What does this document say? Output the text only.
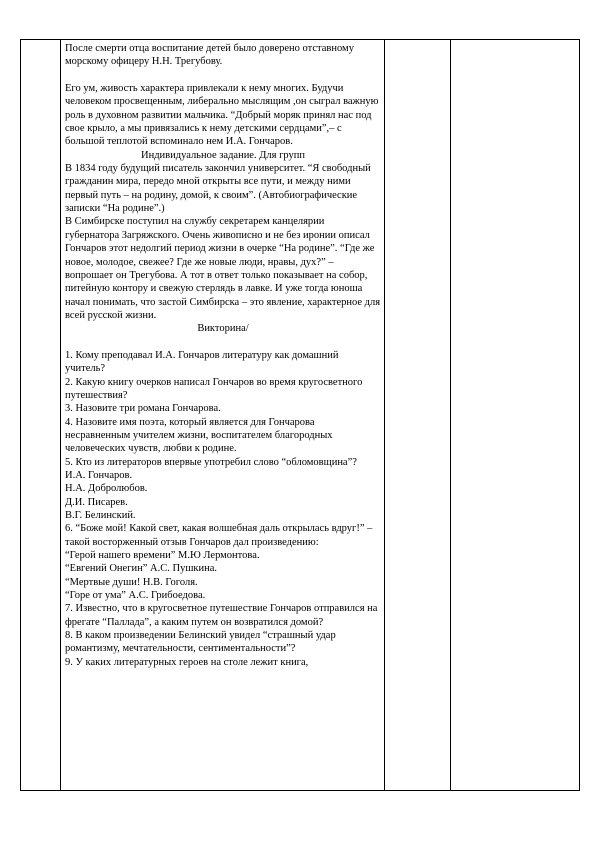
После смерти отца воспитание детей было доверено отставному морскому офицеру Н.Н. Трегубову.

Его ум, живость характера привлекали к нему многих. Будучи человеком просвещенным, либерально мыслящим ,он сыграл важную роль в духовном развитии мальчика. “Добрый моряк принял нас под свое крыло, а мы привязались к нему детскими сердцами”,– с большой теплотой вспоминало нем И.А. Гончаров.

Индивидуальное задание. Для групп

В 1834 году будущий писатель закончил университет. “Я свободный гражданин мира, передо мной открыты все пути, и между ними первый путь – на родину, домой, к своим”. (Автобиографические записки “На родине”.)

В Симбирске поступил на службу секретарем канцелярии губернатора Загряжского. Очень живописно и не без иронии описал Гончаров этот недолгий период жизни в очерке “На родине”. “Где же новое, молодое, свежее? Где же новые люди, нравы, дух?” – вопрошает он Трегубова. А тот в ответ только показывает на собор, питейную контору и свежую стерлядь в лавке. И уже тогда юноша начал понимать, что застой Симбирска – это явление, характерное для всей русской жизни.

Викторина/

1. Кому преподавал И.А. Гончаров литературу как домашний учитель?

2. Какую книгу очерков написал Гончаров во время кругосветного путешествия?

3. Назовите три романа Гончарова.

4. Назовите имя поэта, который является для Гончарова несравненным учителем жизни, воспитателем благородных человеческих чувств, любви к родине.

5. Кто из литераторов впервые употребил слово “обломовщина”?

И.А. Гончаров.

Н.А. Добролюбов.

Д.И. Писарев.

В.Г. Белинский.

6. “Боже мой! Какой свет, какая волшебная даль открылась вдруг!” – такой восторженный отзыв Гончаров дал произведению:

“Герой нашего времени” М.Ю Лермонтова.

“Евгений Онегин” А.С. Пушкина.

“Мертвые души! Н.В. Гоголя.

“Горе от ума” А.С. Грибоедова.

7. Известно, что в кругосветное путешествие Гончаров отправился на фрегате “Паллада”, а каким путем он возвратился домой?

8. В каком произведении Белинский увидел “страшный удар романтизму, мечтательности, сентиментальности”?

9. У каких литературных героев на столе лежит книга,
